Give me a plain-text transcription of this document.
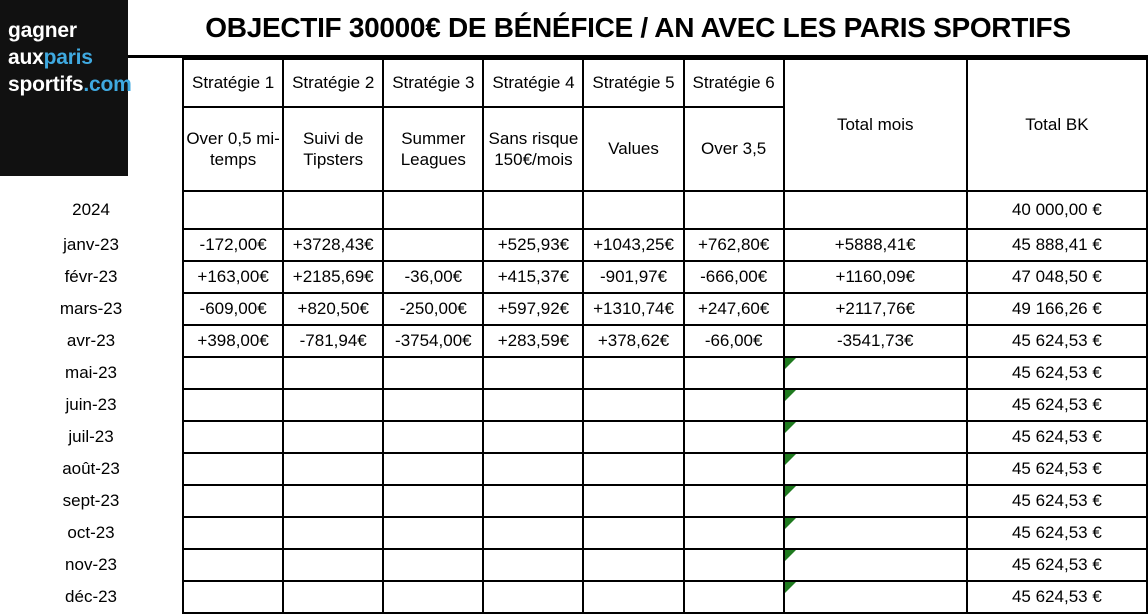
gagner
auxparis
sportifs.com
OBJECTIF 30000€ DE BÉNÉFICE / AN AVEC LES PARIS SPORTIFS
	Stratégie 1	Stratégie 2	Stratégie 3	Stratégie 4	Stratégie 5	Stratégie 6	Total mois	Total BK
	Over 0,5 mi-temps	Suivi de Tipsters	Summer Leagues	Sans risque 150€/mois	Values	Over 3,5		
2024								40 000,00 €
janv-23	-172,00€	+3728,43€		+525,93€	+1043,25€	+762,80€	+5888,41€	45 888,41 €
févr-23	+163,00€	+2185,69€	-36,00€	+415,37€	-901,97€	-666,00€	+1160,09€	47 048,50 €
mars-23	-609,00€	+820,50€	-250,00€	+597,92€	+1310,74€	+247,60€	+2117,76€	49 166,26 €
avr-23	+398,00€	-781,94€	-3754,00€	+283,59€	+378,62€	-66,00€	-3541,73€	45 624,53 €
mai-23								45 624,53 €
juin-23								45 624,53 €
juil-23								45 624,53 €
août-23								45 624,53 €
sept-23								45 624,53 €
oct-23								45 624,53 €
nov-23								45 624,53 €
déc-23								45 624,53 €
